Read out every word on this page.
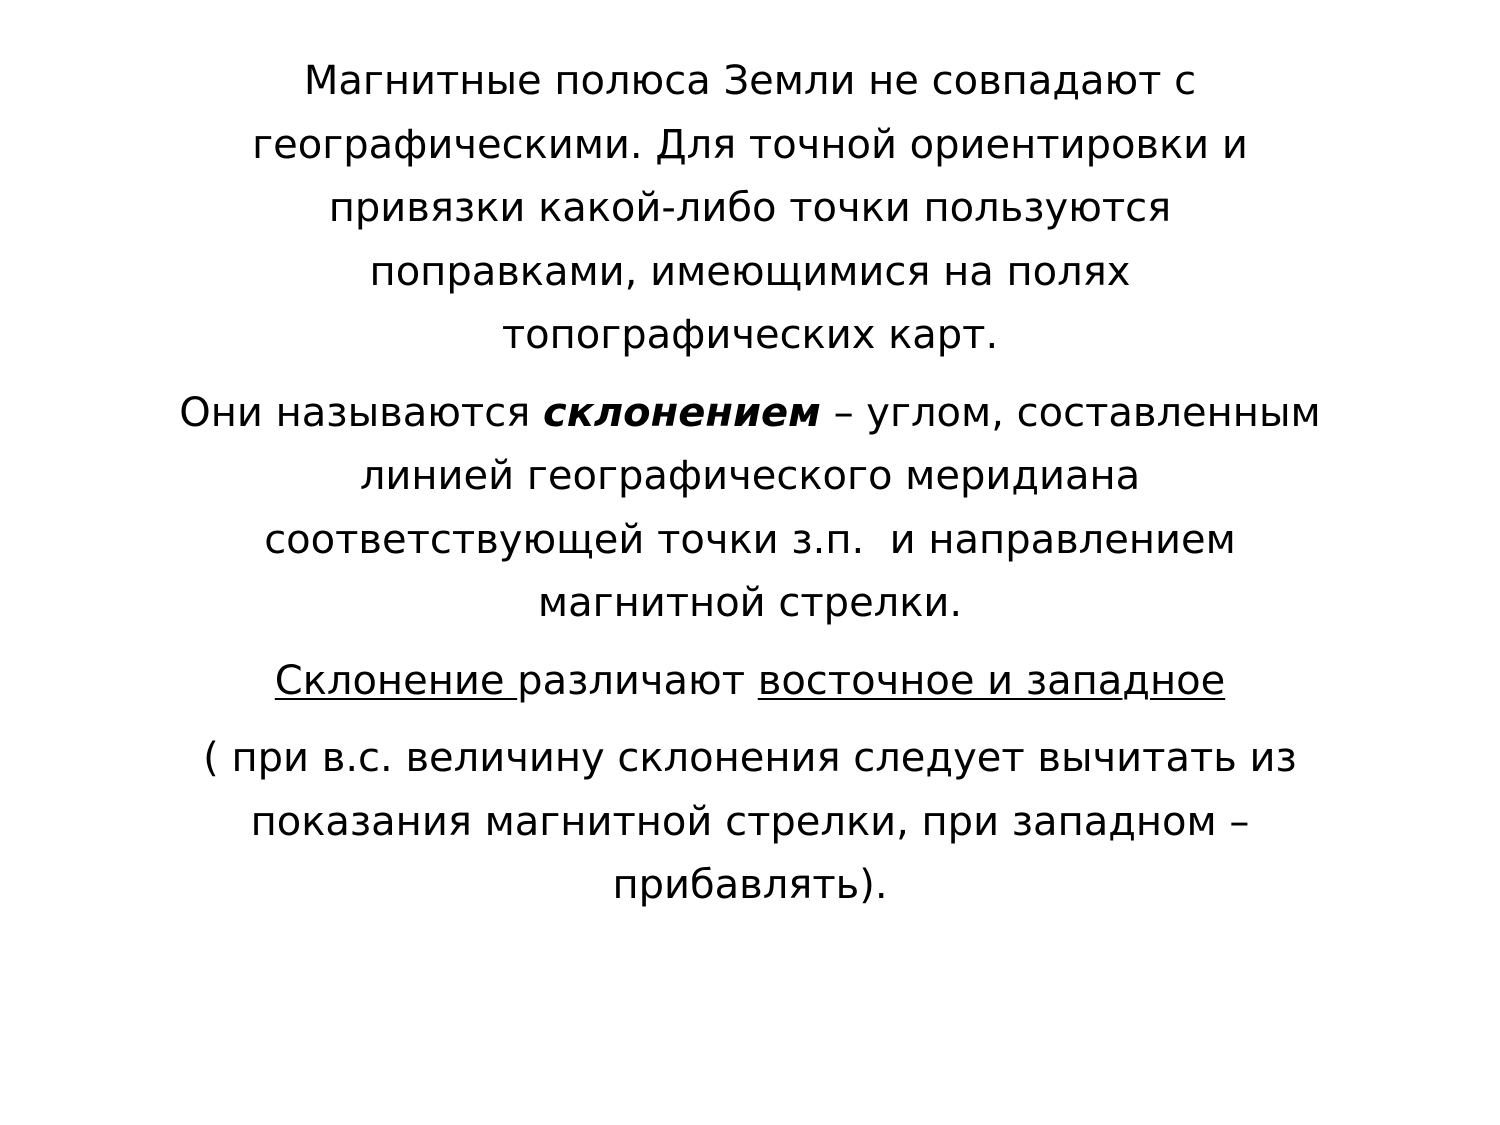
Магнитные полюса Земли не совпадают с
географическими. Для точной ориентировки и
привязки какой-либо точки пользуются
поправками, имеющимися на полях
топографических карт.

Они называются склонением – углом, составленным
линией географического меридиана
соответствующей точки з.п.  и направлением
магнитной стрелки.

Склонение различают восточное и западное

( при в.с. величину склонения следует вычитать из
показания магнитной стрелки, при западном –
прибавлять).
